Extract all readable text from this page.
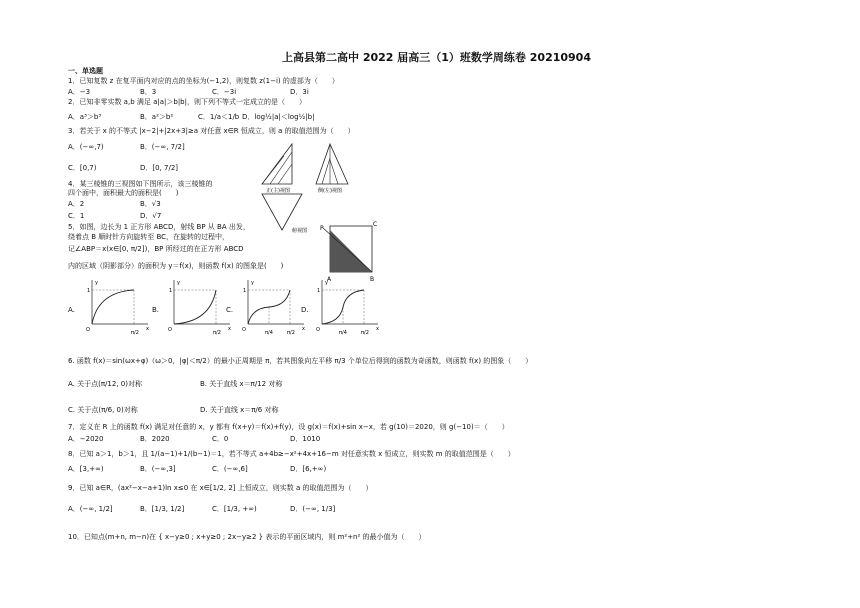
上高县第二高中 2022 届高三（1）班数学周练卷 20210904
一、单选题
1．已知复数 z 在复平面内对应的点的坐标为(−1,2)，则复数 z(1−i) 的虚部为（　　）
A．−3	B．3	C．−3i	D．3i
2．已知非零实数 a,b 满足 a|a|＞b|b|，则下列不等式一定成立的是（　　）
A．a³＞b³	B．a²＞b²	C．1/a＜1/b D．log½|a|＜log½|b|
3．若关于 x 的不等式 |x−2|+|2x+3|≥a 对任意 x∈R 恒成立，则 a 的取值范围为（　　）
A．(−∞,7)	B．(−∞, 7/2]
C．[0,7)	D．[0, 7/2]
正(主)视图	侧(左)视图
俯视图
4．某三棱锥的三视图如下图所示，该三棱锥的
四个面中，面积最大的面积是(　　)
A．2	B．√3
C．1	D．√7
5．如图，边长为 1 正方形 ABCD，射线 BP 从 BA 出发，
绕着点 B 顺时针方向旋转至 BC，在旋转的过程中，
记∠ABP＝x(x∈[0, π/2])，BP 所经过的在正方形 ABCD
内的区域（阴影部分）的面积为 y＝f(x)，则函数 f(x) 的图象是(　　)
P
C
A	B
A.	B.	C.	D.
y
x
O
1
π/2
y
x
O
1
π/2
y
x
O
1
π/4	π/2
y
x
O
1
π/4	π/2
6. 函数 f(x)＝sin(ωx+φ)（ω＞0，|φ|＜π/2）的最小正周期是 π，若其图象向左平移 π/3 个单位后得到的函数为奇函数，则函数 f(x) 的图象（　　）
A. 关于点(π/12, 0)对称	B. 关于直线 x＝π/12 对称
C. 关于点(π/6, 0)对称	D. 关于直线 x＝π/6 对称
7．定义在 R 上的函数 f(x) 满足对任意的 x，y 都有 f(x+y)＝f(x)+f(y)，设 g(x)＝f(x)+sin x−x，若 g(10)＝2020，则 g(−10)＝（　　）
A．−2020	B．2020	C．0	D．1010
8．已知 a＞1，b＞1，且 1/(a−1)+1/(b−1)＝1，若不等式 a+4b≥−x²+4x+16−m 对任意实数 x 恒成立，则实数 m 的取值范围是（　　）
A．[3,+∞)	B．(−∞,3]	C．(−∞,6]	D．[6,+∞)
9．已知 a∈R，(ax²−x−a+1)ln x≤0 在 x∈[1/2, 2] 上恒成立，则实数 a 的取值范围为（　　）
A．(−∞, 1/2]	B．[1/3, 1/2]	C．[1/3, +∞)	D．(−∞, 1/3]
10．已知点(m+n, m−n)在 { x−y≥0 ; x+y≥0 ; 2x−y≥2 } 表示的平面区域内，则 m²+n² 的最小值为（　　）
